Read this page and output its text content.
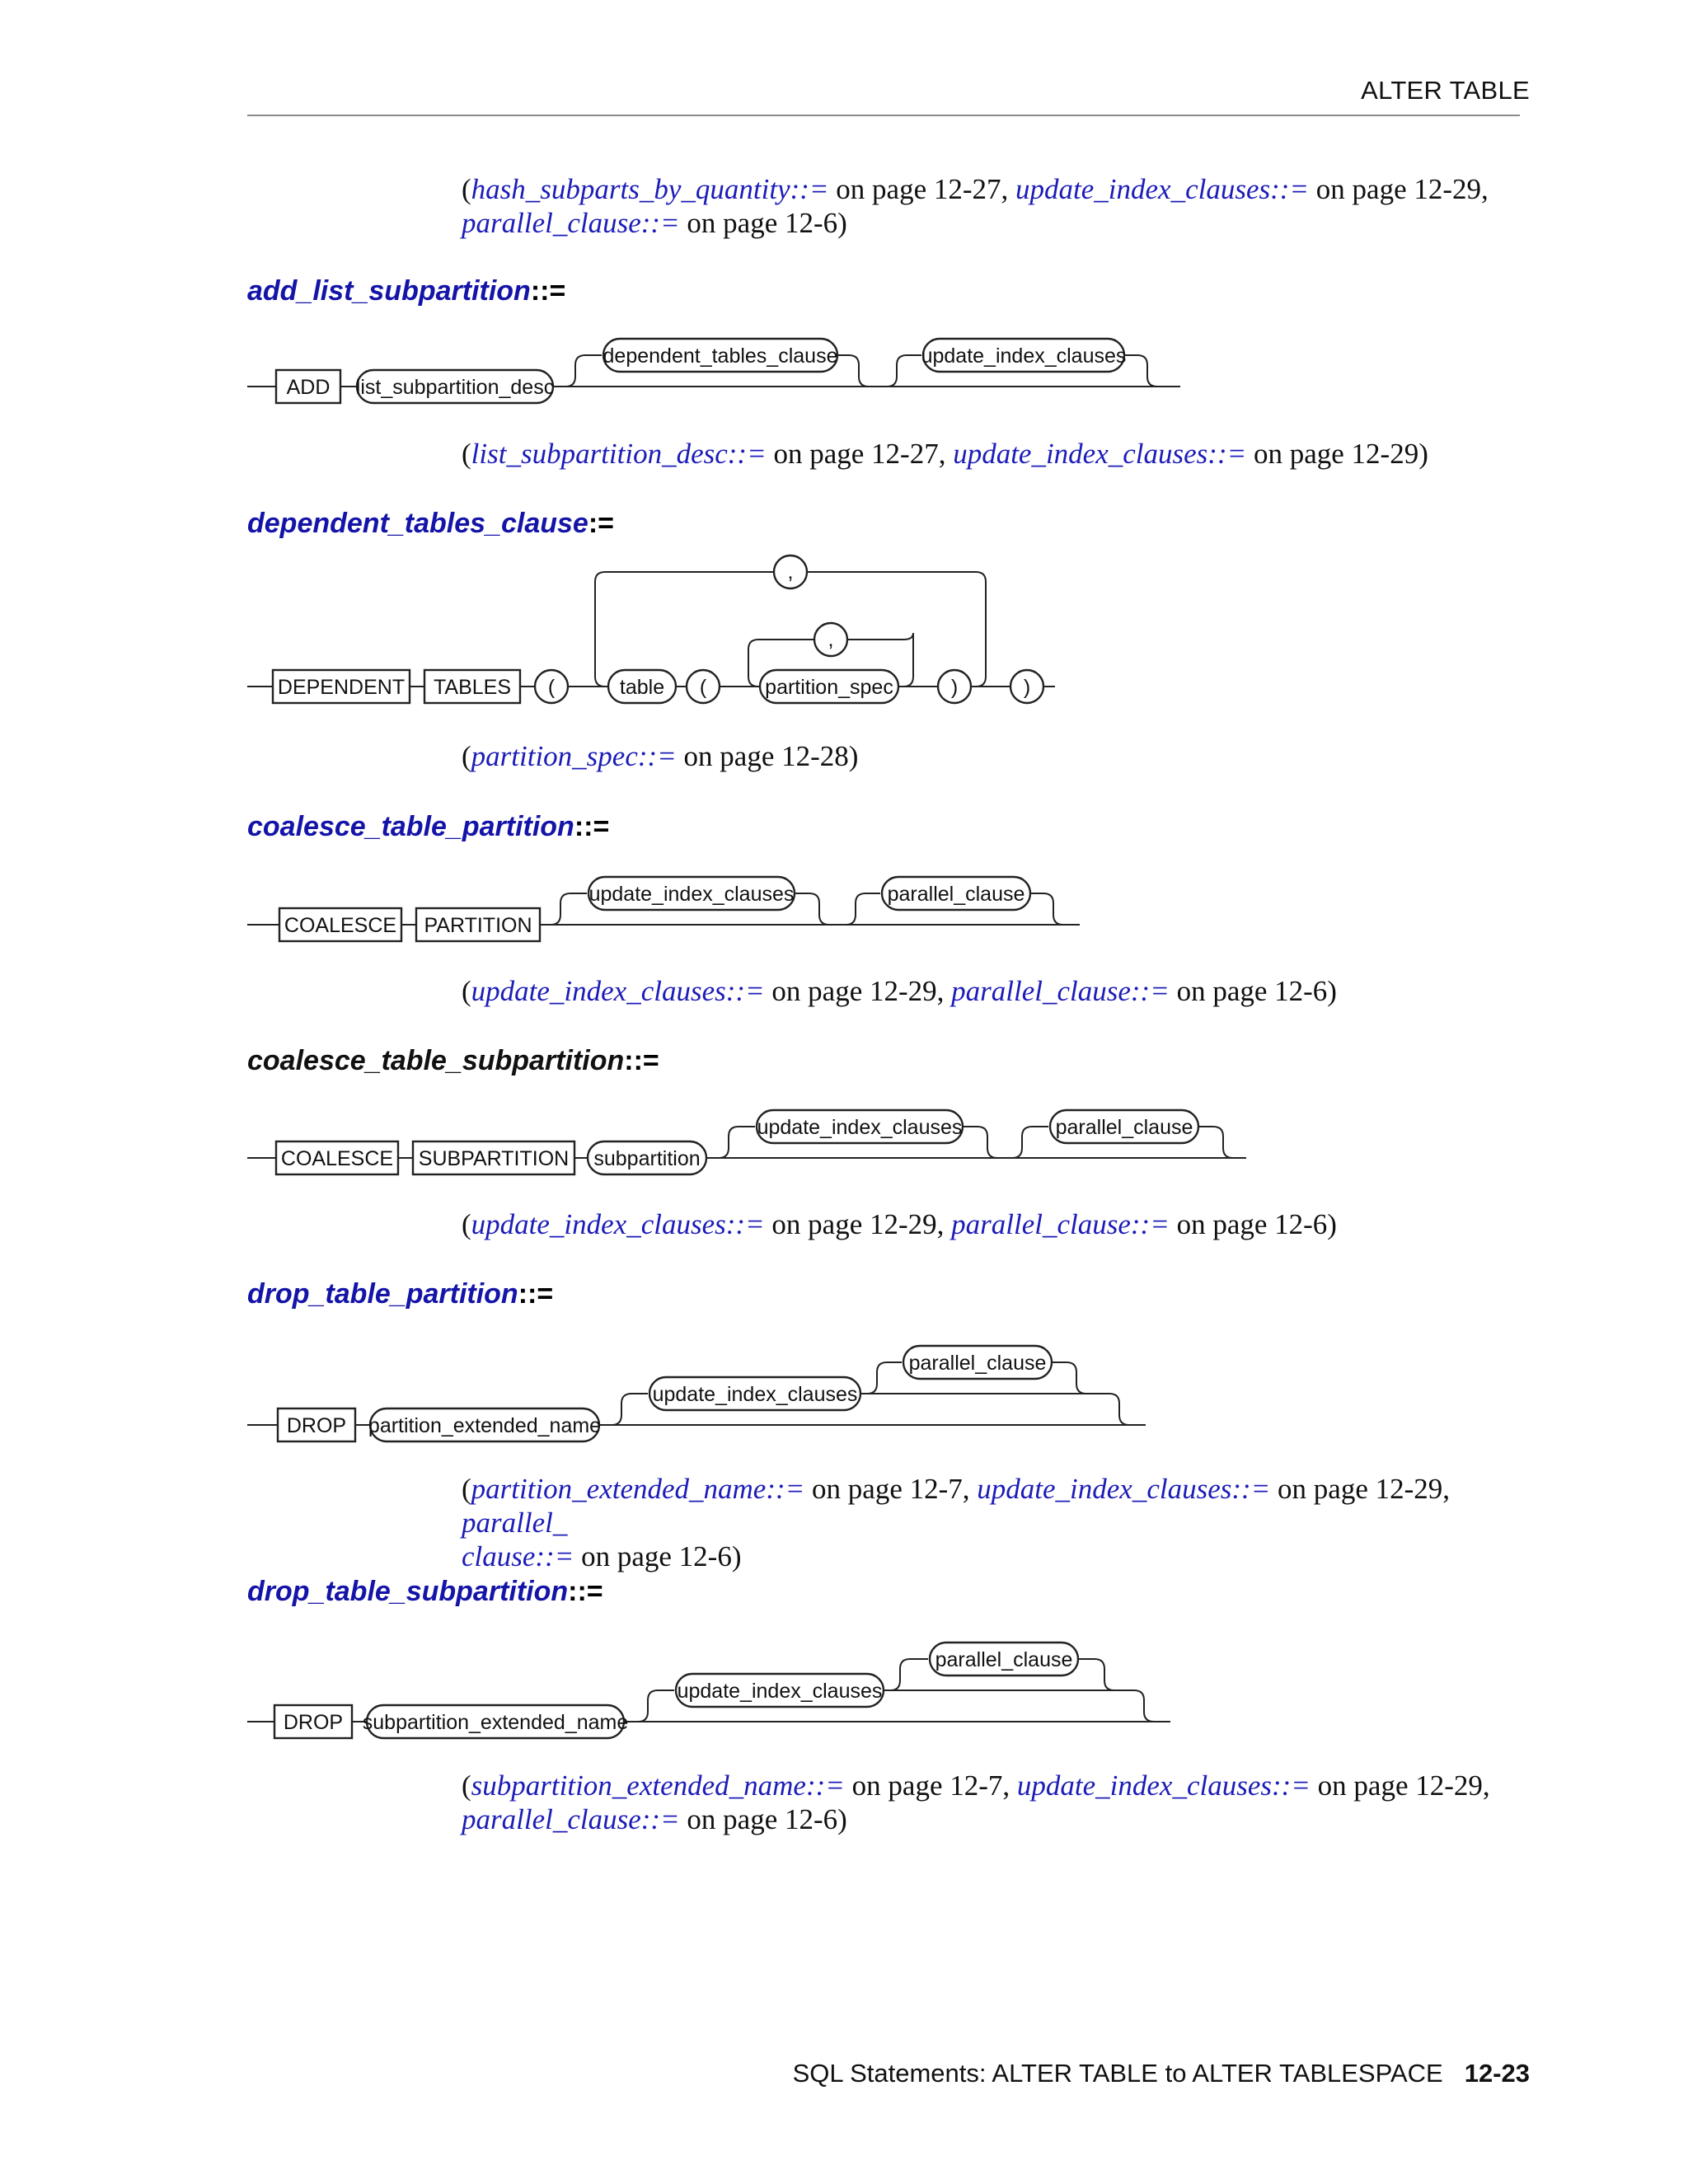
ALTER TABLE
(hash_subparts_by_quantity::= on page 12-27, update_index_clauses::= on page 12-29,
parallel_clause::= on page 12-6)
add_list_subpartition::=
ADD list_subpartition_desc
dependent_tables_clause	update_index_clauses
(list_subpartition_desc::= on page 12-27, update_index_clauses::= on page 12-29)
dependent_tables_clause:=
DEPENDENT TABLES (	table (	partition_spec	)	)
,
,
(partition_spec::= on page 12-28)
coalesce_table_partition::=
COALESCE PARTITION
update_index_clauses	parallel_clause
(update_index_clauses::= on page 12-29, parallel_clause::= on page 12-6)
coalesce_table_subpartition::=
COALESCE SUBPARTITION subpartition
update_index_clauses	parallel_clause
(update_index_clauses::= on page 12-29, parallel_clause::= on page 12-6)
drop_table_partition::=
DROP partition_extended_name
update_index_clauses
parallel_clause
(partition_extended_name::= on page 12-7, update_index_clauses::= on page 12-29, parallel_
clause::= on page 12-6)
drop_table_subpartition::=
DROP subpartition_extended_name
update_index_clauses
parallel_clause
(subpartition_extended_name::= on page 12-7, update_index_clauses::= on page 12-29,
parallel_clause::= on page 12-6)
SQL Statements: ALTER TABLE to ALTER TABLESPACE 12-23
